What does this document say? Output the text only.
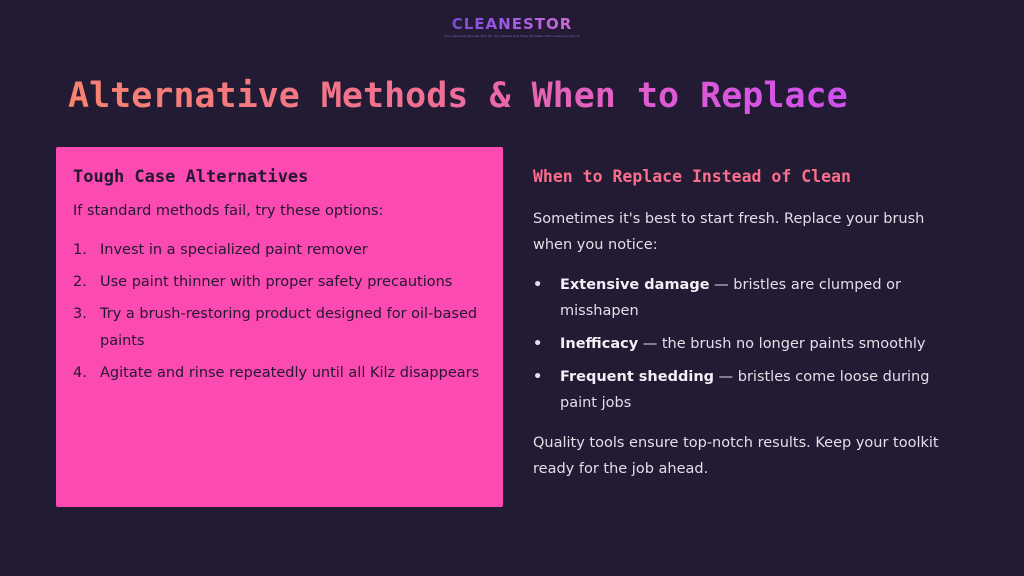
CLEANESTOR
The Cleaning Review Site for Any Needs and Stay Updated with Cleaning Advice
Alternative Methods & When to Replace
Tough Case Alternatives

If standard methods fail, try these options:

1. Invest in a specialized paint remover
2. Use paint thinner with proper safety precautions
3. Try a brush-restoring product designed for oil-based paints
4. Agitate and rinse repeatedly until all Kilz disappears
When to Replace Instead of Clean

Sometimes it's best to start fresh. Replace your brush when you notice:

•	Extensive damage — bristles are clumped or misshapen
•	Inefficacy — the brush no longer paints smoothly
•	Frequent shedding — bristles come loose during paint jobs

Quality tools ensure top-notch results. Keep your toolkit ready for the job ahead.
